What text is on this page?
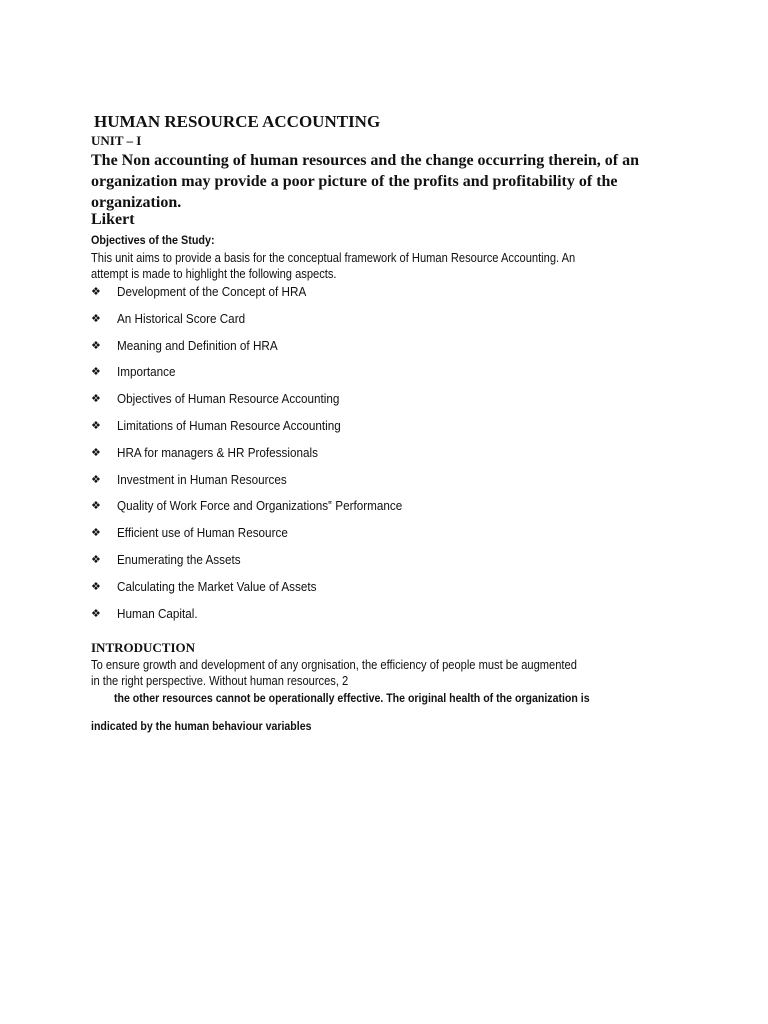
HUMAN RESOURCE ACCOUNTING
UNIT – I

The Non accounting of human resources and the change occurring therein, of an organization may provide a poor picture of the profits and profitability of the organization.

Likert
Objectives of the Study:

This unit aims to provide a basis for the conceptual framework of Human Resource Accounting. An
attempt is made to highlight the following aspects.

❖ Development of the Concept of HRA
❖ An Historical Score Card
❖ Meaning and Definition of HRA
❖ Importance
❖ Objectives of Human Resource Accounting
❖ Limitations of Human Resource Accounting
❖ HRA for managers & HR Professionals
❖ Investment in Human Resources
❖ Quality of Work Force and Organizations‟ Performance
❖ Efficient use of Human Resource
❖ Enumerating the Assets
❖ Calculating the Market Value of Assets
❖ Human Capital.
INTRODUCTION

To ensure growth and development of any orgnisation, the efficiency of people must be augmented
in the right perspective. Without human resources, 2

the other resources cannot be operationally effective. The original health of the organization is
indicated by the human behaviour variables
